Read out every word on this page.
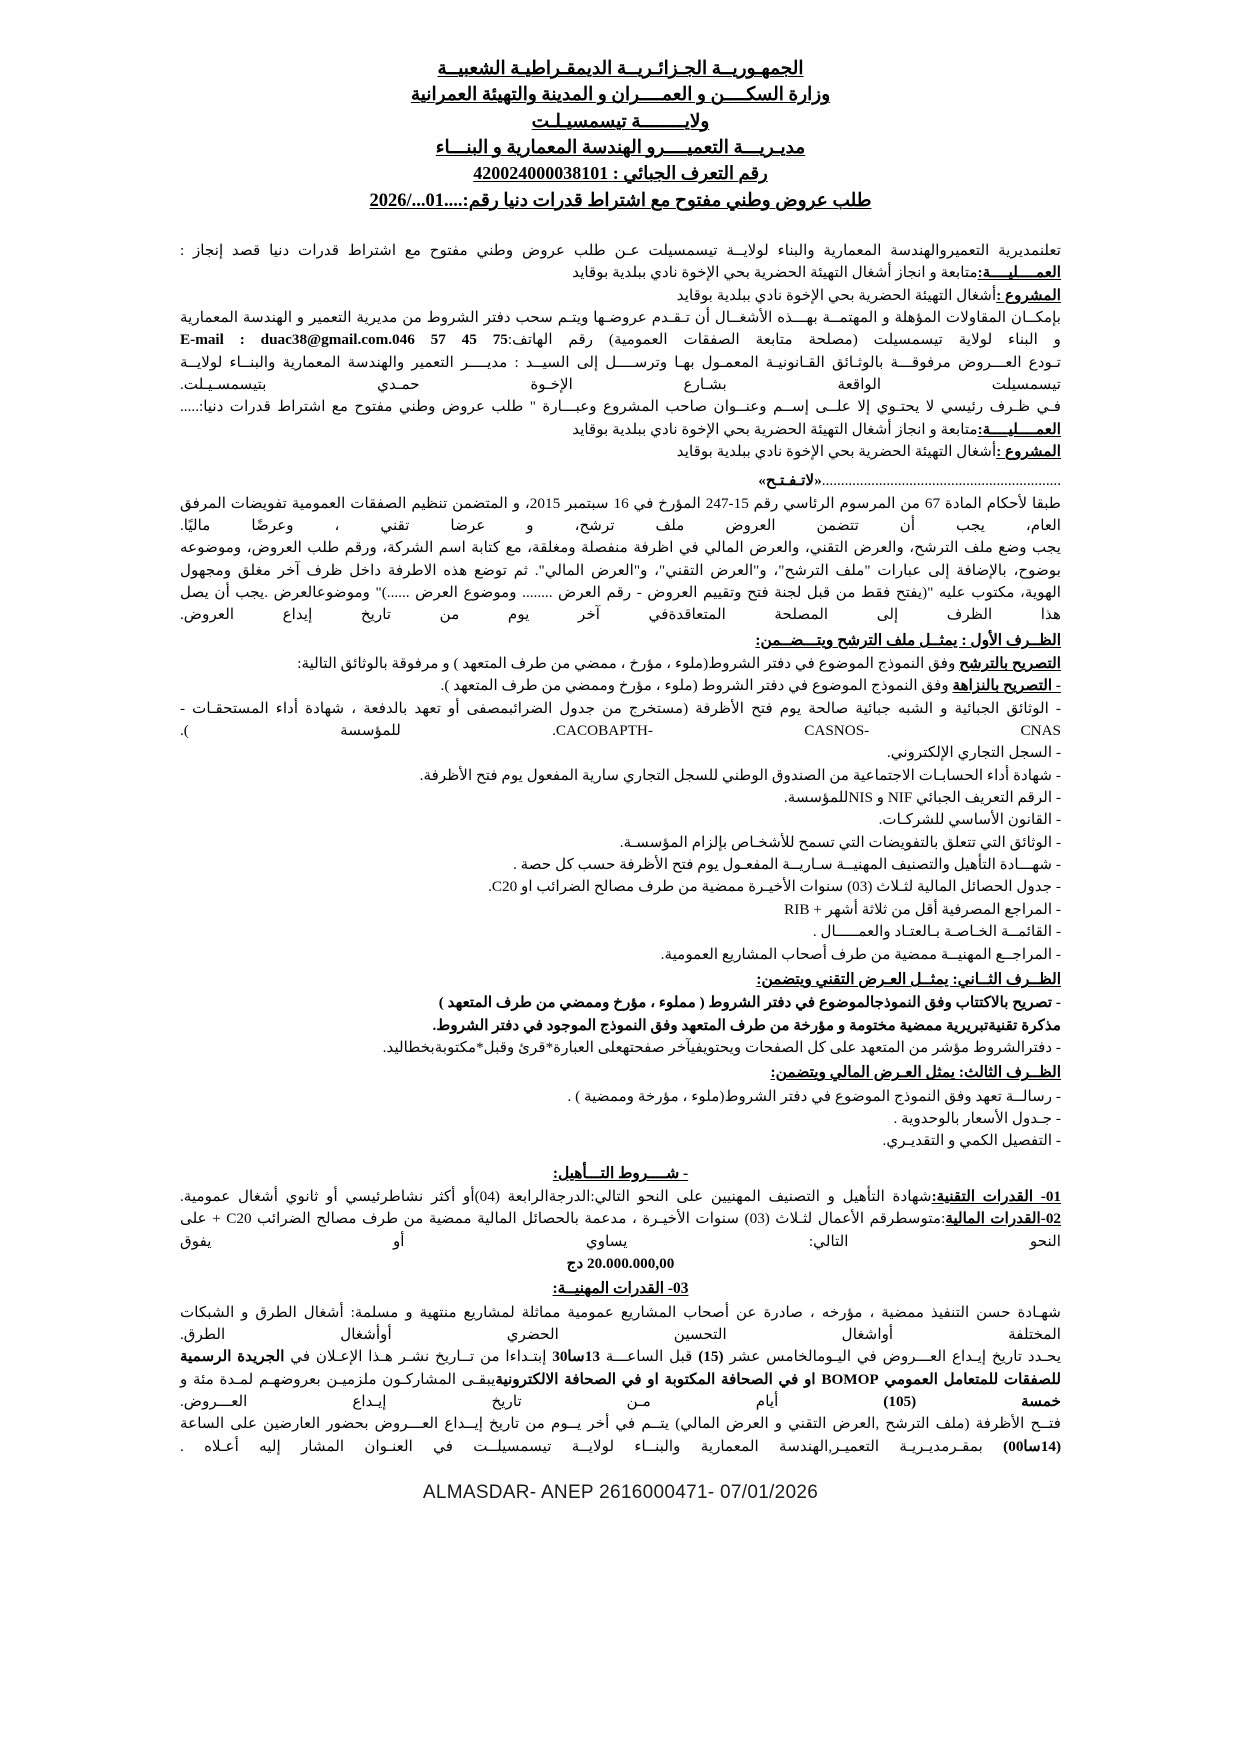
الجمهـوريــة الجـزائـريــة الديمقـراطيـة الشعبيــة
وزارة السكــــن و العمــــران و المدينة والتهيئة العمرانية
ولايــــــــة تيسمسيـلـت
مديـريـــة التعميــــرو الهندسة المعمارية و البنـــاء
رقم التعرف الجبائي : 420024000038101
طلب عروض وطني مفتوح مع اشتراط قدرات دنيا رقم:....01.../2026

تعلنمديرية التعميروالهندسة المعمارية والبناء لولايــة تيسمسيلت عـن طلب عروض وطني مفتوح مع اشتراط قدرات دنيا قصد إنجاز :

العمــــليــــة:متابعة و انجاز أشغال التهيئة الحضرية بحي الإخوة نادي ببلدية بوقايد

المشروع :أشغال التهيئة الحضرية بحي الإخوة نادي ببلدية بوقايد

بإمكــان المقاولات المؤهلة و المهتمــة بهـــذه الأشغــال أن تـقـدم عروضـها ويتـم سحب دفتر الشروط من مديرية التعمير و الهندسة المعمارية و البناء لولاية تيسمسيلت (مصلحة متابعة الصفقات العمومية) رقم الهاتف:E-mail : duac38@gmail.com.046 57 45 75

تـودع العـــروض مرفوقـــة بالوثـائق القـانونيـة المعمـول بهـا وترســــل إلى السيــد : مديــــر التعمير والهندسة المعمارية والبنــاء لولايــة تيسمسيلت الواقعة بشـارع الإخـوة حمـدي بتيسمسـيـلت.

فـي ظـرف رئيسي لا يحتـوي إلا علــى إســم وعنــوان صاحب المشروع وعبـــارة " طلب عروض وطني مفتوح مع اشتراط قدرات دنيا:.....

العمــــليــــة:متابعة و انجاز أشغال التهيئة الحضرية بحي الإخوة نادي ببلدية بوقايد

المشروع :أشغال التهيئة الحضرية بحي الإخوة نادي ببلدية بوقايد

...............................................................«لاتـفـتـح»

طبقا لأحكام المادة 67 من المرسوم الرئاسي رقم 15-247 المؤرخ في 16 سبتمبر 2015، و المتضمن تنظيم الصفقات العمومية تفويضات المرفق العام، يجب أن تتضمن العروض ملف ترشح، و عرضا تقني ، وعرضًا ماليًا.

يجب وضع ملف الترشح، والعرض التقني، والعرض المالي في اظرفة منفصلة ومغلقة، مع كتابة اسم الشركة، ورقم طلب العروض، وموضوعه بوضوح، بالإضافة إلى عبارات "ملف الترشح"، و"العرض التقني"، و"العرض المالي". ثم توضع هذه الاطرفة داخل ظرف آخر مغلق ومجهول الهوية، مكتوب عليه "(يفتح فقط من قبل لجنة فتح وتقييم العروض - رقم العرض ........ وموضوع العرض ......)" وموضوعالعرض .يجب أن يصل هذا الظرف إلى المصلحة المتعاقدةفي آخر يوم من تاريخ إيداع العروض.

الظــرف الأول : يمثــل ملف الترشح ويتـــضــمن:
التصريح بالترشح وفق النموذج الموضوع في دفتر الشروط(ملوء ، مؤرخ ، ممضي من طرف المتعهد ) و مرفوقة بالوثائق التالية:
- التصريح بالنزاهة وفق النموذج الموضوع في دفتر الشروط (ملوء ، مؤرخ وممضي من طرف المتعهد ).
- الوثائق الجبائية و الشبه جبائية صالحة يوم فتح الأظرفة (مستخرج من جدول الضرائبمصفى أو تعهد بالدفعة ، شهادة أداء المستحقـات -CACOBAPTH- CASNOS- CNAS. للمؤسسة ).
- السجل التجاري الإلكتروني.
- شهادة أداء الحسابـات الاجتماعية من الصندوق الوطني للسجل التجاري سارية المفعول يوم فتح الأظرفة.
- الرقم التعريف الجبائي NIF و NISللمؤسسة.
- القانون الأساسي للشركـات.
- الوثائق التي تتعلق بالتفويضات التي تسمح للأشخـاص بإلزام المؤسسـة.
- شهـــادة التأهيل والتصنيف المهنيــة سـاريــة المفعـول يوم فتح الأظرفة حسب كل حصة .
- جدول الحصائل المالية لثـلاث (03) سنوات الأخيـرة ممضية من طرف مصالح الضرائب او C20.
- المراجع المصرفية أقل من ثلاثة أشهر + RIB
- القائمــة الخـاصـة بـالعتـاد والعمـــــال .
- المراجــع المهنيــة ممضية من طرف أصحاب المشاريع العمومية.
الظــرف الثــاني: يمثــل العـرض التقني ويتضمن:
- تصريح بالاكتتاب وفق النموذجالموضوع في دفتر الشروط ( مملوء ، مؤرخ وممضي من طرف المتعهد )
مذكرة تقنيةتبريرية ممضية مختومة و مؤرخة من طرف المتعهد وفق النموذج الموجود في دفتر الشروط.
- دفترالشروط مؤشر من المتعهد على كل الصفحات ويحتويفيآخر صفحتهعلى العبارة*قرئ وقبل*مكتوبةبخطاليد.
الظــرف الثالث: يمثل العـرض المالي ويتضمن:
- رسالــة تعهد وفق النموذج الموضوع في دفتر الشروط(ملوء ، مؤرخة وممضية ) .
- جـدول الأسعار بالوحدوية .
- التفصيل الكمي و التقديـري.
- شــــروط التـــأهيل:

01- القدرات التقنية:شهادة التأهيل و التصنيف المهنيين على النحو التالي:الدرجةالرابعة (04)أو أكثر نشاطرئيسي أو ثانوي أشغال عمومية.

02-القدرات المالية:متوسطرقم الأعمال لثـلاث (03) سنوات الأخيـرة ، مدعمة بالحصائل المالية ممضية من طرف مصالح الضرائب C20 + على النحو التالي: يساوي أو يفوق

20.000.000,00 دج

03- القدرات المهنيــة:

شهـادة حسن التنفيذ ممضية ، مؤرخه ، صادرة عن أصحاب المشاريع عمومية مماثلة لمشاريع منتهية و مسلمة: أشغال الطرق و الشبكات المختلفة أواشغال التحسين الحضري أوأشغال الطرق.

يحـدد تاريخ إيـداع العـــروض في اليـومالخامس عشر (15) قبل الساعـــة 13سا30 إبتـداءا من تــاريخ نشـر هـذا الإعـلان في الجريدة الرسمية للصفقات للمتعامل العمومي BOMOP او في الصحافة المكتوبة او في الصحافة الالكترونيةيبقـى المشاركـون ملزميـن بعروضهـم لمـدة مئة و خمسة (105) أيام مـن تاريخ إيـداع العـــروض.

فتــح الأظرفة (ملف الترشح ,العرض التقني و العرض المالي) يتــم في أخر يــوم من تاريخ إيــداع العـــروض بحضور العارضين على الساعة (14سا00) بمقـرمديـريـة التعميـر,الهندسة المعمارية والبنــاء لولايــة تيسمسيلــت في العنـوان المشار إليه أعـلاه .

ALMASDAR- ANEP 2616000471- 07/01/2026
